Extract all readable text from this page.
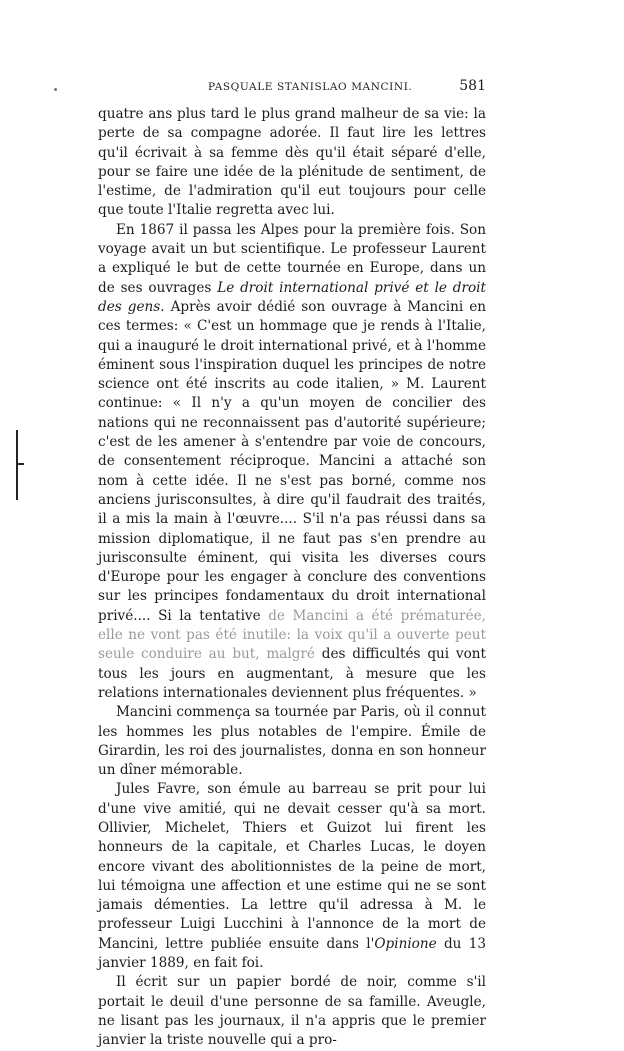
PASQUALE STANISLAO MANCINI.	581

quatre ans plus tard le plus grand malheur de sa vie: la perte de sa compagne adorée. Il faut lire les lettres qu'il écrivait à sa femme dès qu'il était séparé d'elle, pour se faire une idée de la plénitude de sentiment, de l'estime, de l'admiration qu'il eut toujours pour celle que toute l'Italie regretta avec lui.

En 1867 il passa les Alpes pour la première fois. Son voyage avait un but scientifique. Le professeur Laurent a expliqué le but de cette tournée en Europe, dans un de ses ouvrages Le droit international privé et le droit des gens. Après avoir dédié son ouvrage à Mancini en ces termes: « C'est un hommage que je rends à l'Italie, qui a inauguré le droit international privé, et à l'homme éminent sous l'inspiration duquel les principes de notre science ont été inscrits au code italien, » M. Laurent continue: « Il n'y a qu'un moyen de concilier des nations qui ne reconnaissent pas d'autorité supérieure; c'est de les amener à s'entendre par voie de concours, de consentement réciproque. Mancini a attaché son nom à cette idée. Il ne s'est pas borné, comme nos anciens jurisconsultes, à dire qu'il faudrait des traités, il a mis la main à l'œuvre.... S'il n'a pas réussi dans sa mission diplomatique, il ne faut pas s'en prendre au jurisconsulte éminent, qui visita les diverses cours d'Europe pour les engager à conclure des conventions sur les principes fondamentaux du droit international privé.... Si la tentative de Mancini a été prématurée, elle ne vont pas été inutile: la voix qu'il a ouverte peut seule conduire au but, malgré des difficultés qui vont tous les jours en augmentant, à mesure que les relations internationales deviennent plus fréquentes. »

Mancini commença sa tournée par Paris, où il connut les hommes les plus notables de l'empire. Émile de Girardin, les roi des journalistes, donna en son honneur un dîner mémorable.

Jules Favre, son émule au barreau se prit pour lui d'une vive amitié, qui ne devait cesser qu'à sa mort. Ollivier, Michelet, Thiers et Guizot lui firent les honneurs de la capitale, et Charles Lucas, le doyen encore vivant des abolitionnistes de la peine de mort, lui témoigna une affection et une estime qui ne se sont jamais démenties. La lettre qu'il adressa à M. le professeur Luigi Lucchini à l'annonce de la mort de Mancini, lettre publiée ensuite dans l'Opinione du 13 janvier 1889, en fait foi.

Il écrit sur un papier bordé de noir, comme s'il portait le deuil d'une personne de sa famille. Aveugle, ne lisant pas les journaux, il n'a appris que le premier janvier la triste nouvelle qui a pro-
